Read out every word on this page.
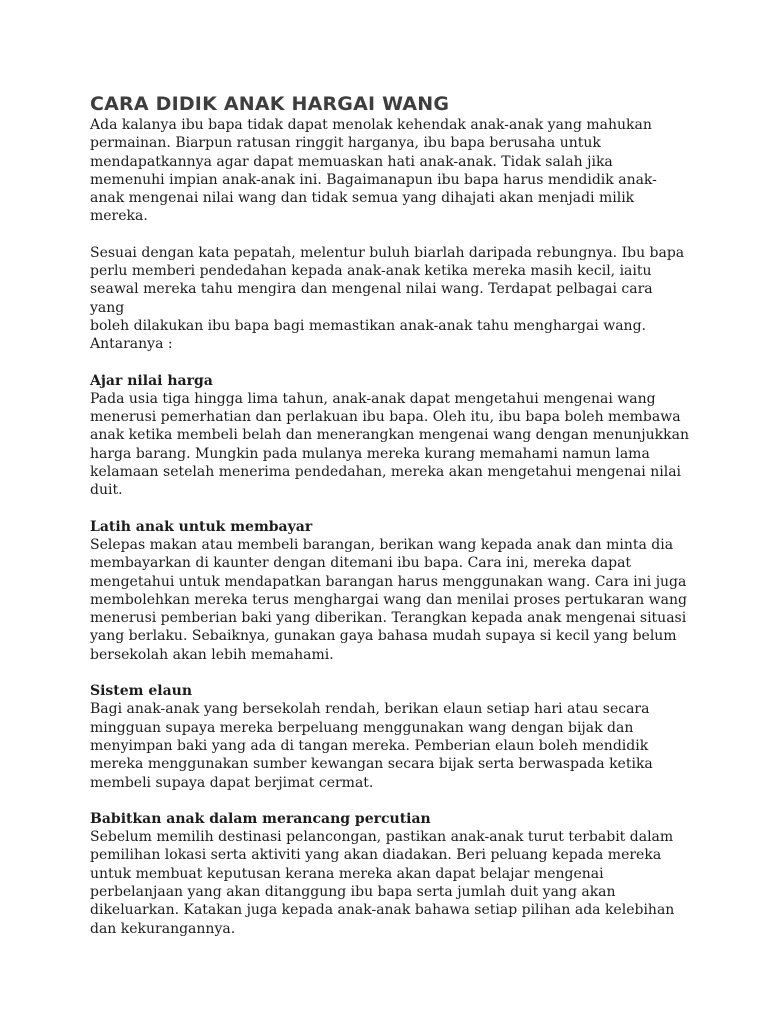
CARA DIDIK ANAK HARGAI WANG

Ada kalanya ibu bapa tidak dapat menolak kehendak anak-anak yang mahukan
permainan. Biarpun ratusan ringgit harganya, ibu bapa berusaha untuk
mendapatkannya agar dapat memuaskan hati anak-anak. Tidak salah jika
memenuhi impian anak-anak ini. Bagaimanapun ibu bapa harus mendidik anak-
anak mengenai nilai wang dan tidak semua yang dihajati akan menjadi milik
mereka.

Sesuai dengan kata pepatah, melentur buluh biarlah daripada rebungnya. Ibu bapa
perlu memberi pendedahan kepada anak-anak ketika mereka masih kecil, iaitu
seawal mereka tahu mengira dan mengenal nilai wang. Terdapat pelbagai cara yang
boleh dilakukan ibu bapa bagi memastikan anak-anak tahu menghargai wang.
Antaranya :

Ajar nilai harga

Pada usia tiga hingga lima tahun, anak-anak dapat mengetahui mengenai wang
menerusi pemerhatian dan perlakuan ibu bapa. Oleh itu, ibu bapa boleh membawa
anak ketika membeli belah dan menerangkan mengenai wang dengan menunjukkan
harga barang. Mungkin pada mulanya mereka kurang memahami namun lama
kelamaan setelah menerima pendedahan, mereka akan mengetahui mengenai nilai
duit.

Latih anak untuk membayar

Selepas makan atau membeli barangan, berikan wang kepada anak dan minta dia
membayarkan di kaunter dengan ditemani ibu bapa. Cara ini, mereka dapat
mengetahui untuk mendapatkan barangan harus menggunakan wang. Cara ini juga
membolehkan mereka terus menghargai wang dan menilai proses pertukaran wang
menerusi pemberian baki yang diberikan. Terangkan kepada anak mengenai situasi
yang berlaku. Sebaiknya, gunakan gaya bahasa mudah supaya si kecil yang belum
bersekolah akan lebih memahami.

Sistem elaun

Bagi anak-anak yang bersekolah rendah, berikan elaun setiap hari atau secara
mingguan supaya mereka berpeluang menggunakan wang dengan bijak dan
menyimpan baki yang ada di tangan mereka. Pemberian elaun boleh mendidik
mereka menggunakan sumber kewangan secara bijak serta berwaspada ketika
membeli supaya dapat berjimat cermat.

Babitkan anak dalam merancang percutian

Sebelum memilih destinasi pelancongan, pastikan anak-anak turut terbabit dalam
pemilihan lokasi serta aktiviti yang akan diadakan. Beri peluang kepada mereka
untuk membuat keputusan kerana mereka akan dapat belajar mengenai
perbelanjaan yang akan ditanggung ibu bapa serta jumlah duit yang akan
dikeluarkan. Katakan juga kepada anak-anak bahawa setiap pilihan ada kelebihan
dan kekurangannya.
